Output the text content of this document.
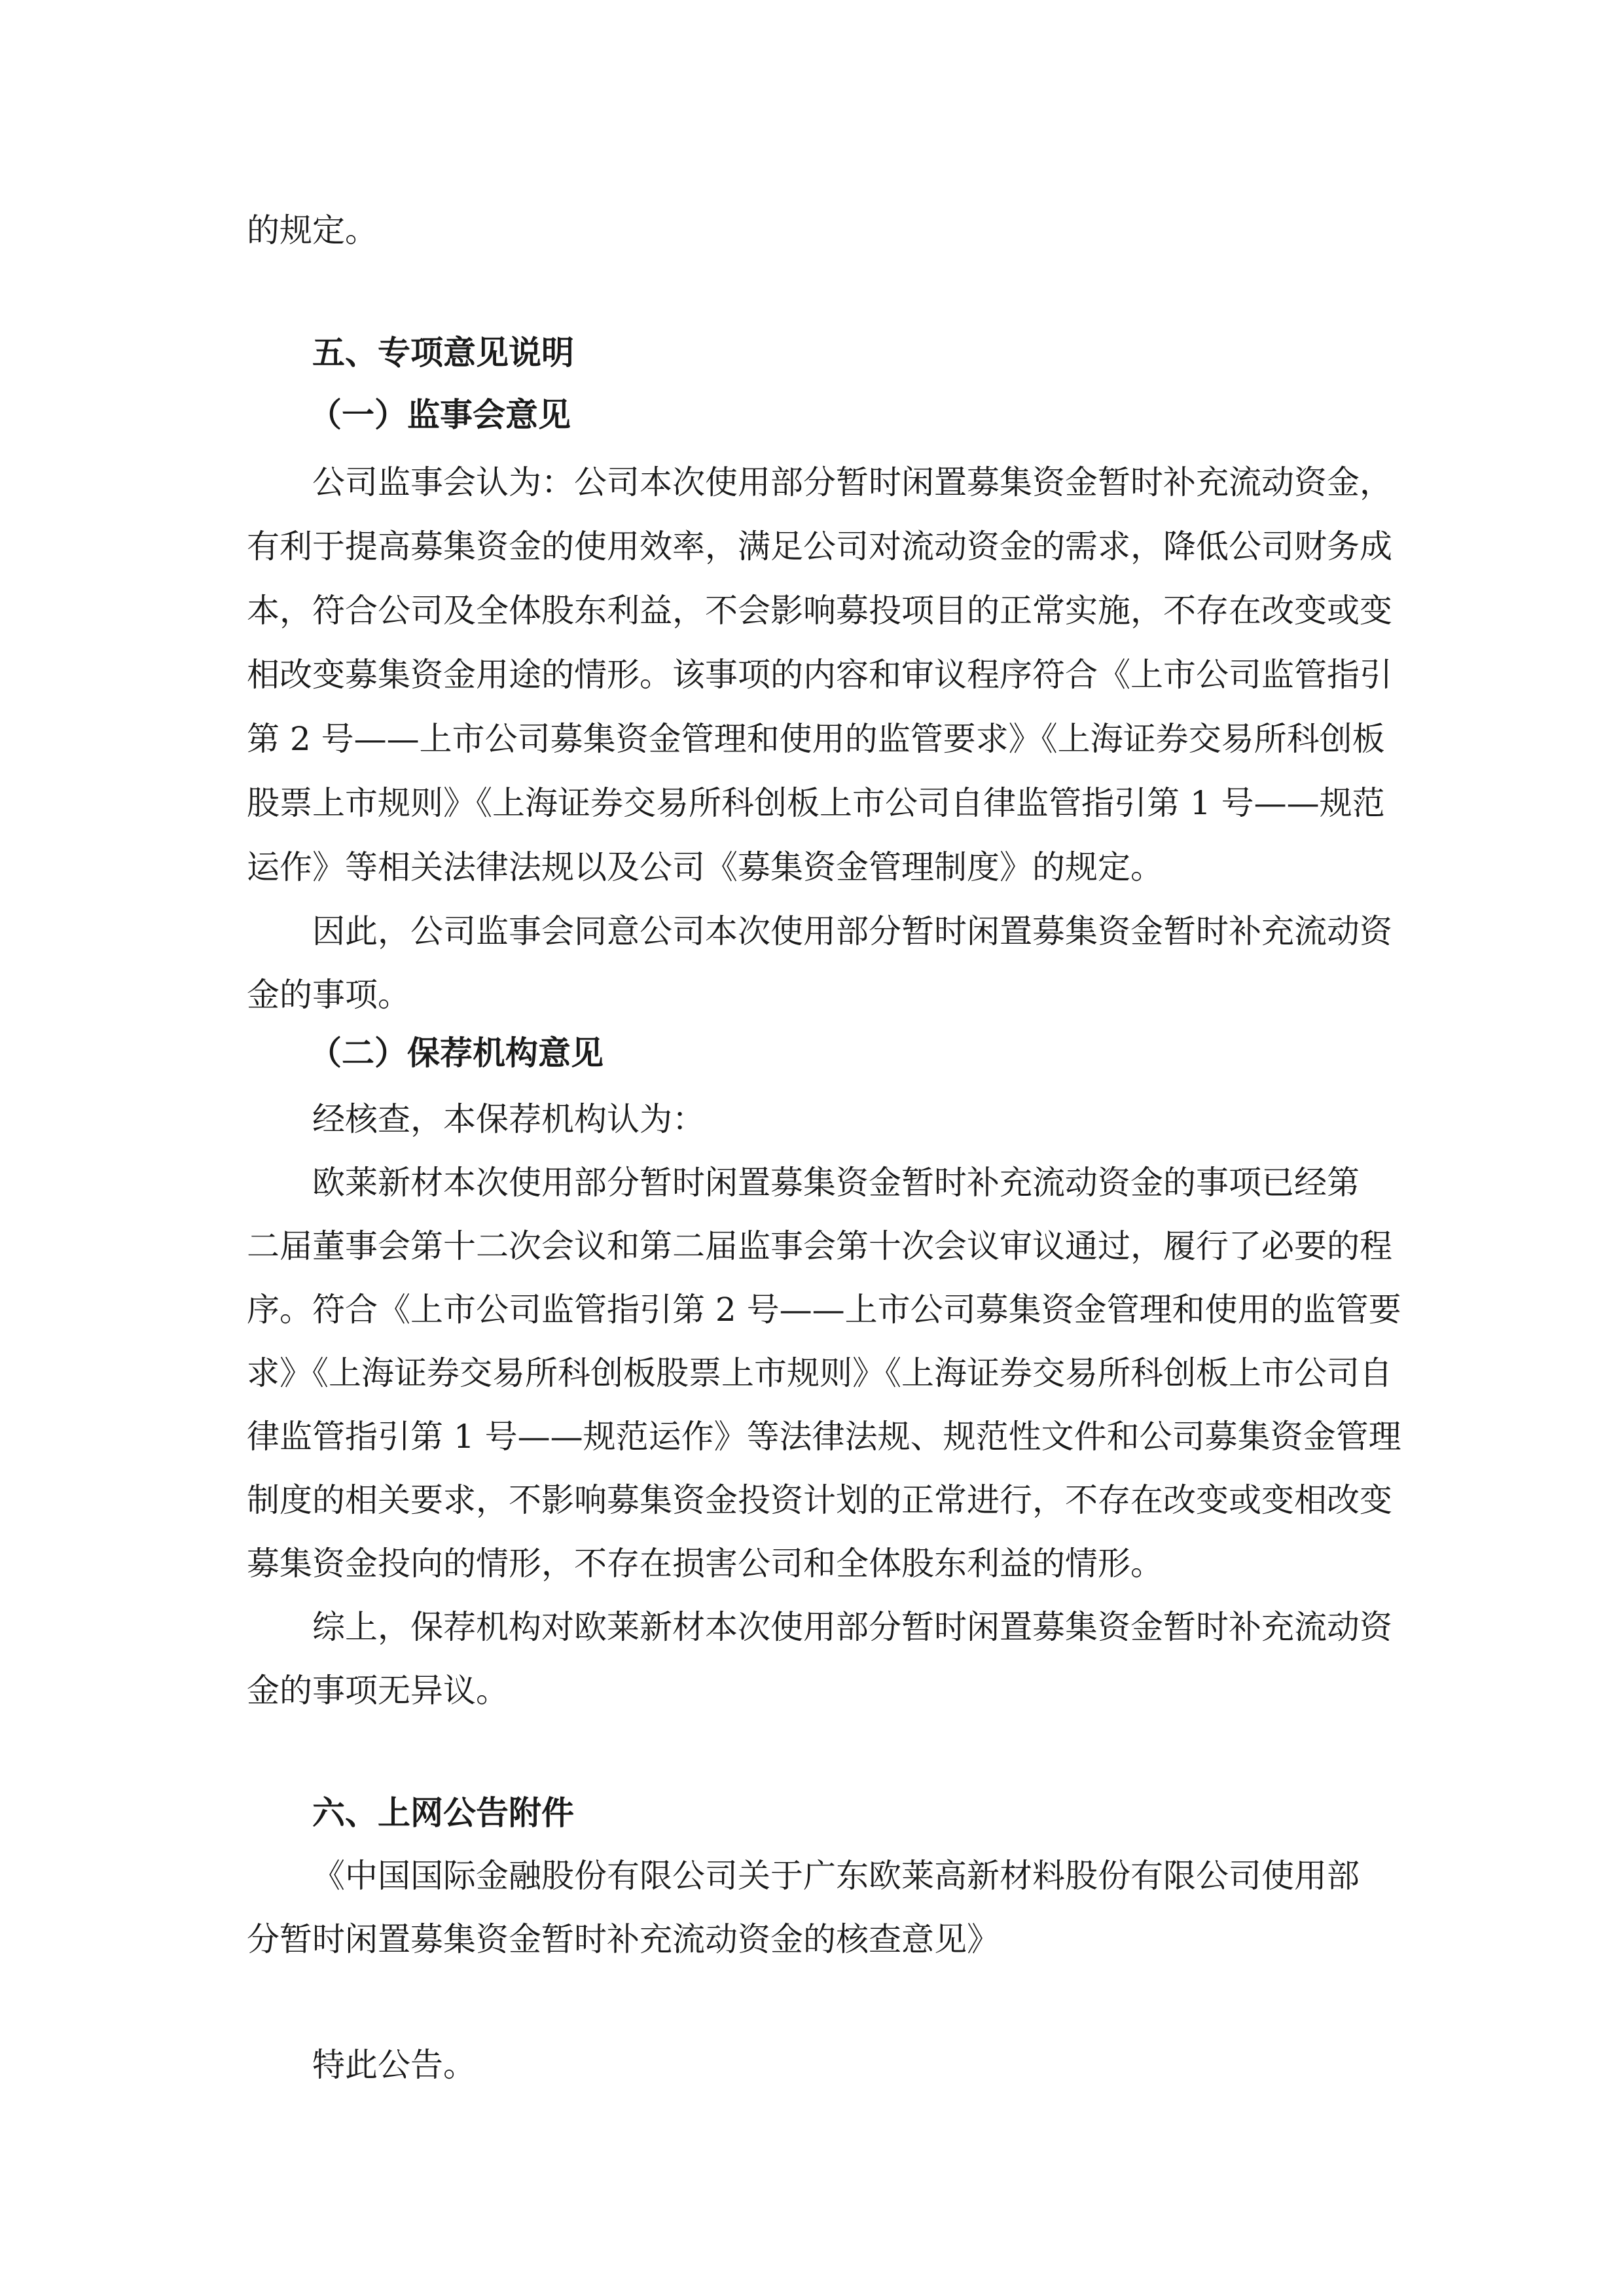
的规定。
五、专项意见说明
（一）监事会意见
公司监事会认为：公司本次使用部分暂时闲置募集资金暂时补充流动资金，
有利于提高募集资金的使用效率，满足公司对流动资金的需求，降低公司财务成
本，符合公司及全体股东利益，不会影响募投项目的正常实施，不存在改变或变
相改变募集资金用途的情形。该事项的内容和审议程序符合《上市公司监管指引
第 2 号——上市公司募集资金管理和使用的监管要求》《上海证券交易所科创板
股票上市规则》《上海证券交易所科创板上市公司自律监管指引第 1 号——规范
运作》等相关法律法规以及公司《募集资金管理制度》的规定。
因此，公司监事会同意公司本次使用部分暂时闲置募集资金暂时补充流动资
金的事项。
（二）保荐机构意见
经核查，本保荐机构认为：
欧莱新材本次使用部分暂时闲置募集资金暂时补充流动资金的事项已经第
二届董事会第十二次会议和第二届监事会第十次会议审议通过，履行了必要的程
序。符合《上市公司监管指引第 2 号——上市公司募集资金管理和使用的监管要
求》《上海证券交易所科创板股票上市规则》《上海证券交易所科创板上市公司自
律监管指引第 1 号——规范运作》等法律法规、规范性文件和公司募集资金管理
制度的相关要求，不影响募集资金投资计划的正常进行，不存在改变或变相改变
募集资金投向的情形，不存在损害公司和全体股东利益的情形。
综上，保荐机构对欧莱新材本次使用部分暂时闲置募集资金暂时补充流动资
金的事项无异议。
六、上网公告附件
《中国国际金融股份有限公司关于广东欧莱高新材料股份有限公司使用部
分暂时闲置募集资金暂时补充流动资金的核查意见》
特此公告。
